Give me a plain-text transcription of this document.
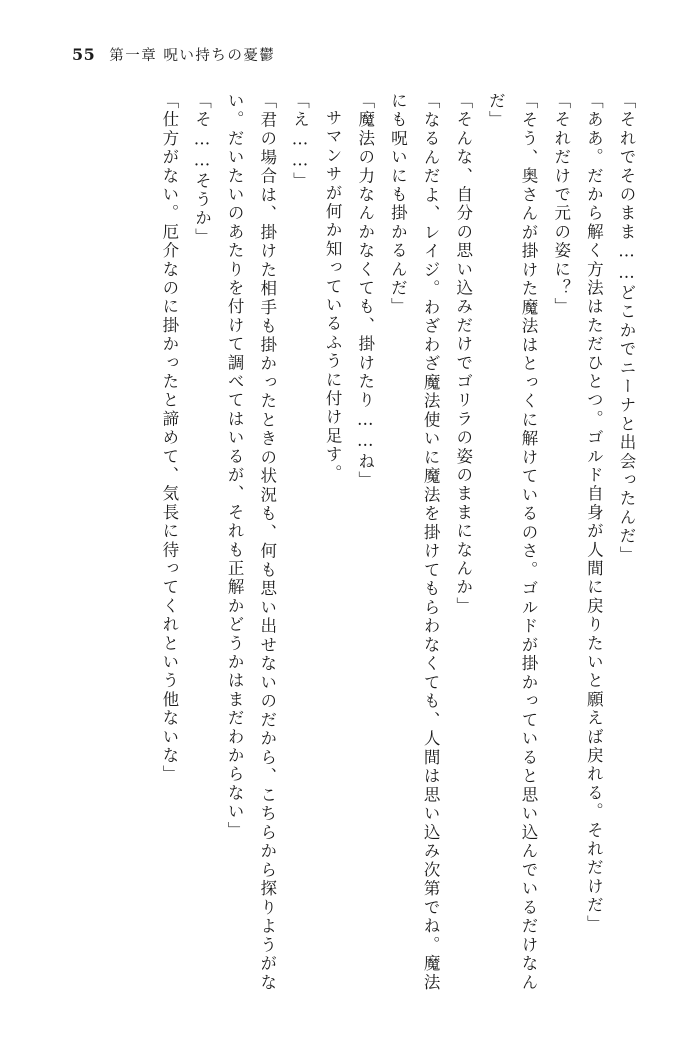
55 第一章 呪い持ちの憂鬱

「それでそのまま……どこかでニーナと出会ったんだ」

「ああ。だから解く方法はただひとつ。ゴルド自身が人間に戻りたいと願えば戻れる。それだけだ」

「それだけで元の姿に？」

「そう、奥さんが掛けた魔法はとっくに解けているのさ。ゴルドが掛かっていると思い込んでいるだけなんだ」

「そんな、自分の思い込みだけでゴリラの姿のままになんか」

「なるんだよ、レイジ。わざわざ魔法使いに魔法を掛けてもらわなくても、人間は思い込み次第でね。魔法にも呪いにも掛かるんだ」

「魔法の力なんかなくても、掛けたり……ね」

サマンサが何か知っているふうに付け足す。

「え……」

「君の場合は、掛けた相手も掛かったときの状況も、何も思い出せないのだから、こちらから探りようがない。だいたいのあたりを付けて調べてはいるが、それも正解かどうかはまだわからない」

「そ……そうか」

「仕方がない。厄介なのに掛かったと諦めて、気長に待ってくれという他ないな」
